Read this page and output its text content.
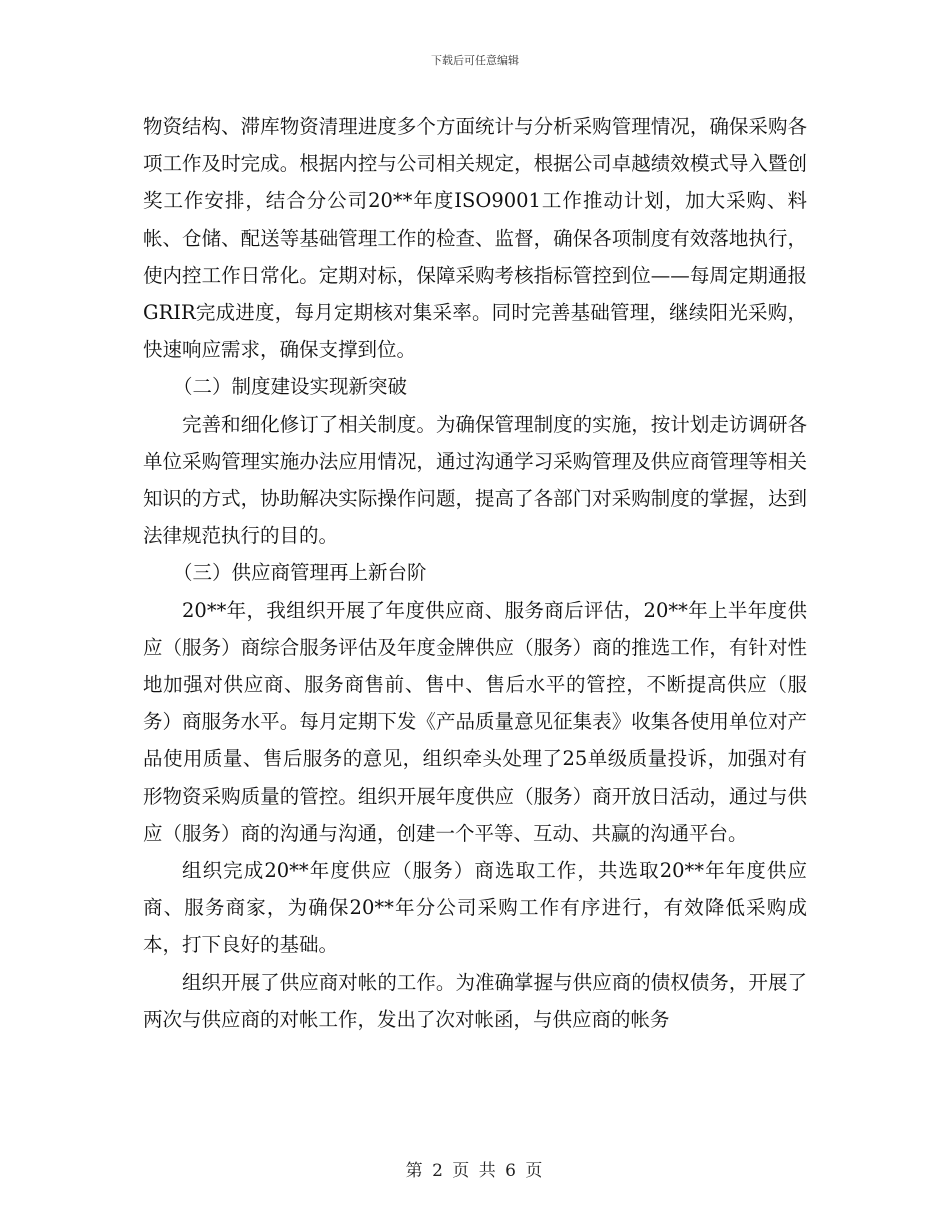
下载后可任意编辑

物资结构、滞库物资清理进度多个方面统计与分析采购管理情况，确保采购各项工作及时完成。根据内控与公司相关规定，根据公司卓越绩效模式导入暨创奖工作安排，结合分公司20**年度ISO9001工作推动计划，加大采购、料帐、仓储、配送等基础管理工作的检查、监督，确保各项制度有效落地执行，使内控工作日常化。定期对标，保障采购考核指标管控到位——每周定期通报GRIR完成进度，每月定期核对集采率。同时完善基础管理，继续阳光采购，快速响应需求，确保支撑到位。

（二）制度建设实现新突破

完善和细化修订了相关制度。为确保管理制度的实施，按计划走访调研各单位采购管理实施办法应用情况，通过沟通学习采购管理及供应商管理等相关知识的方式，协助解决实际操作问题，提高了各部门对采购制度的掌握，达到法律规范执行的目的。

（三）供应商管理再上新台阶

20**年，我组织开展了年度供应商、服务商后评估，20**年上半年度供应（服务）商综合服务评估及年度金牌供应（服务）商的推选工作，有针对性地加强对供应商、服务商售前、售中、售后水平的管控，不断提高供应（服务）商服务水平。每月定期下发《产品质量意见征集表》收集各使用单位对产品使用质量、售后服务的意见，组织牵头处理了25单级质量投诉，加强对有形物资采购质量的管控。组织开展年度供应（服务）商开放日活动，通过与供应（服务）商的沟通与沟通，创建一个平等、互动、共赢的沟通平台。

组织完成20**年度供应（服务）商选取工作，共选取20**年年度供应商、服务商家，为确保20**年分公司采购工作有序进行，有效降低采购成本，打下良好的基础。

组织开展了供应商对帐的工作。为准确掌握与供应商的债权债务，开展了两次与供应商的对帐工作，发出了次对帐函，与供应商的帐务

第 2 页 共 6 页
